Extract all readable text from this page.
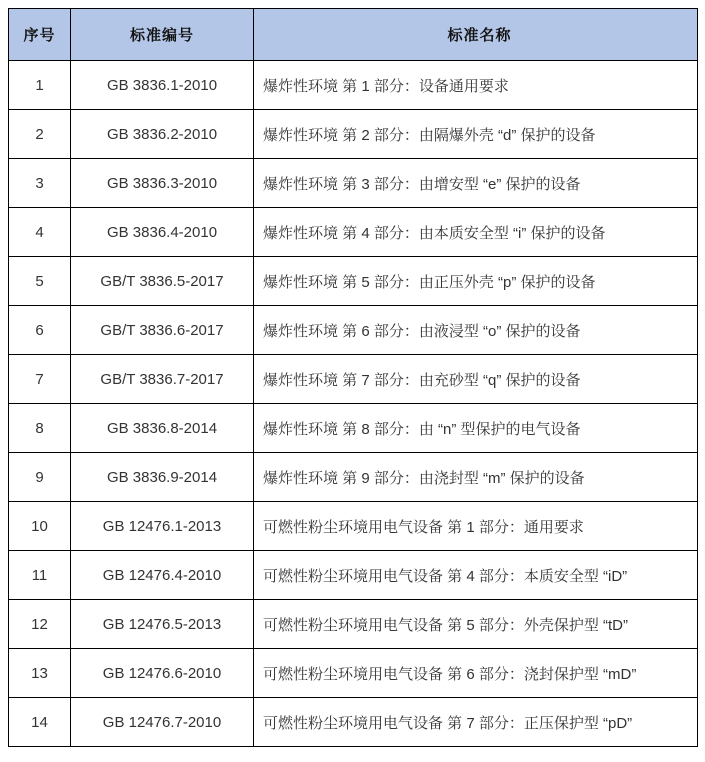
序号	标准编号	标准名称
1	GB 3836.1-2010	爆炸性环境 第 1 部分：设备通用要求
2	GB 3836.2-2010	爆炸性环境 第 2 部分：由隔爆外壳 “d” 保护的设备
3	GB 3836.3-2010	爆炸性环境 第 3 部分：由增安型 “e” 保护的设备
4	GB 3836.4-2010	爆炸性环境 第 4 部分：由本质安全型 “i” 保护的设备
5	GB/T 3836.5-2017	爆炸性环境 第 5 部分：由正压外壳 “p” 保护的设备
6	GB/T 3836.6-2017	爆炸性环境 第 6 部分：由液浸型 “o” 保护的设备
7	GB/T 3836.7-2017	爆炸性环境 第 7 部分：由充砂型 “q” 保护的设备
8	GB 3836.8-2014	爆炸性环境 第 8 部分：由 “n” 型保护的电气设备
9	GB 3836.9-2014	爆炸性环境 第 9 部分：由浇封型 “m” 保护的设备
10	GB 12476.1-2013	可燃性粉尘环境用电气设备 第 1 部分：通用要求
11	GB 12476.4-2010	可燃性粉尘环境用电气设备 第 4 部分：本质安全型 “iD”
12	GB 12476.5-2013	可燃性粉尘环境用电气设备 第 5 部分：外壳保护型 “tD”
13	GB 12476.6-2010	可燃性粉尘环境用电气设备 第 6 部分：浇封保护型 “mD”
14	GB 12476.7-2010	可燃性粉尘环境用电气设备 第 7 部分：正压保护型 “pD”
